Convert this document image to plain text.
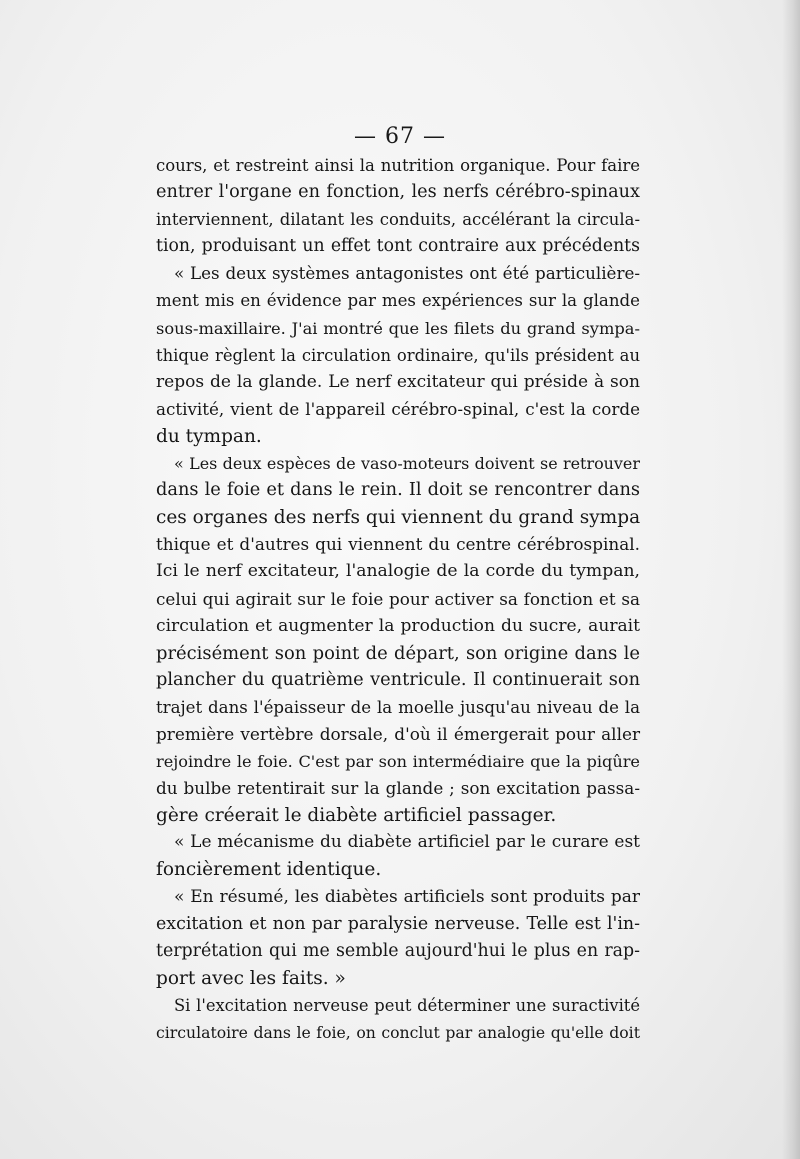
— 67 —
cours, et restreint ainsi la nutrition organique. Pour faire
entrer l'organe en fonction, les nerfs cérébro-spinaux
interviennent, dilatant les conduits, accélérant la circula-
tion, produisant un effet tont contraire aux précédents
« Les deux systèmes antagonistes ont été particulière-
ment mis en évidence par mes expériences sur la glande
sous-maxillaire. J'ai montré que les filets du grand sympa-
thique règlent la circulation ordinaire, qu'ils président au
repos de la glande. Le nerf excitateur qui préside à son
activité, vient de l'appareil cérébro-spinal, c'est la corde
du tympan.
« Les deux espèces de vaso-moteurs doivent se retrouver
dans le foie et dans le rein. Il doit se rencontrer dans
ces organes des nerfs qui viennent du grand sympa
thique et d'autres qui viennent du centre cérébrospinal.
Ici le nerf excitateur, l'analogie de la corde du tympan,
celui qui agirait sur le foie pour activer sa fonction et sa
circulation et augmenter la production du sucre, aurait
précisément son point de départ, son origine dans le
plancher du quatrième ventricule. Il continuerait son
trajet dans l'épaisseur de la moelle jusqu'au niveau de la
première vertèbre dorsale, d'où il émergerait pour aller
rejoindre le foie. C'est par son intermédiaire que la piqûre
du bulbe retentirait sur la glande ; son excitation passa-
gère créerait le diabète artificiel passager.
« Le mécanisme du diabète artificiel par le curare est
foncièrement identique.
« En résumé, les diabètes artificiels sont produits par
excitation et non par paralysie nerveuse. Telle est l'in-
terprétation qui me semble aujourd'hui le plus en rap-
port avec les faits. »
Si l'excitation nerveuse peut déterminer une suractivité
circulatoire dans le foie, on conclut par analogie qu'elle doit
